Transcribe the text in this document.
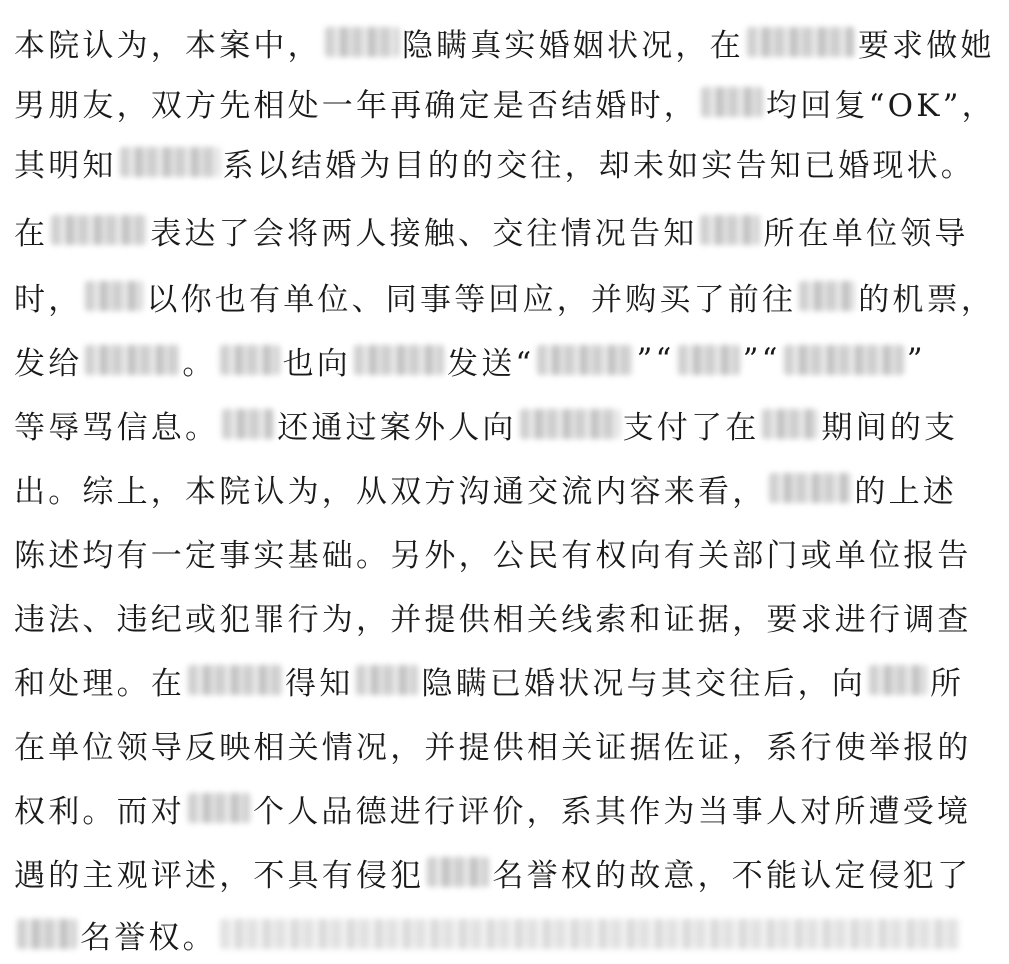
本院认为，本案中，	隐瞒真实婚姻状况，在	要求做她
男朋友，双方先相处一年再确定是否结婚时， 均回复“OK”，
其明知	系以结婚为目的的交往，却未如实告知已婚现状。
在	表达了会将两人接触、交往情况告知 所在单位领导
时， 以你也有单位、同事等回应，并购买了前往 的机票，
发给	。 也向	发送“	”“ ”“	”
等辱骂信息。 还通过案外人向	支付了在 期间的支
出。综上，本院认为，从双方沟通交流内容来看，	的上述
陈述均有一定事实基础。另外，公民有权向有关部门或单位报告
违法、违纪或犯罪行为，并提供相关线索和证据，要求进行调查
和处理。在	得知 隐瞒已婚状况与其交往后，向 所
在单位领导反映相关情况，并提供相关证据佐证，系行使举报的
权利。而对 个人品德进行评价，系其作为当事人对所遭受境
遇的主观评述，不具有侵犯 名誉权的故意，不能认定侵犯了
名誉权。
